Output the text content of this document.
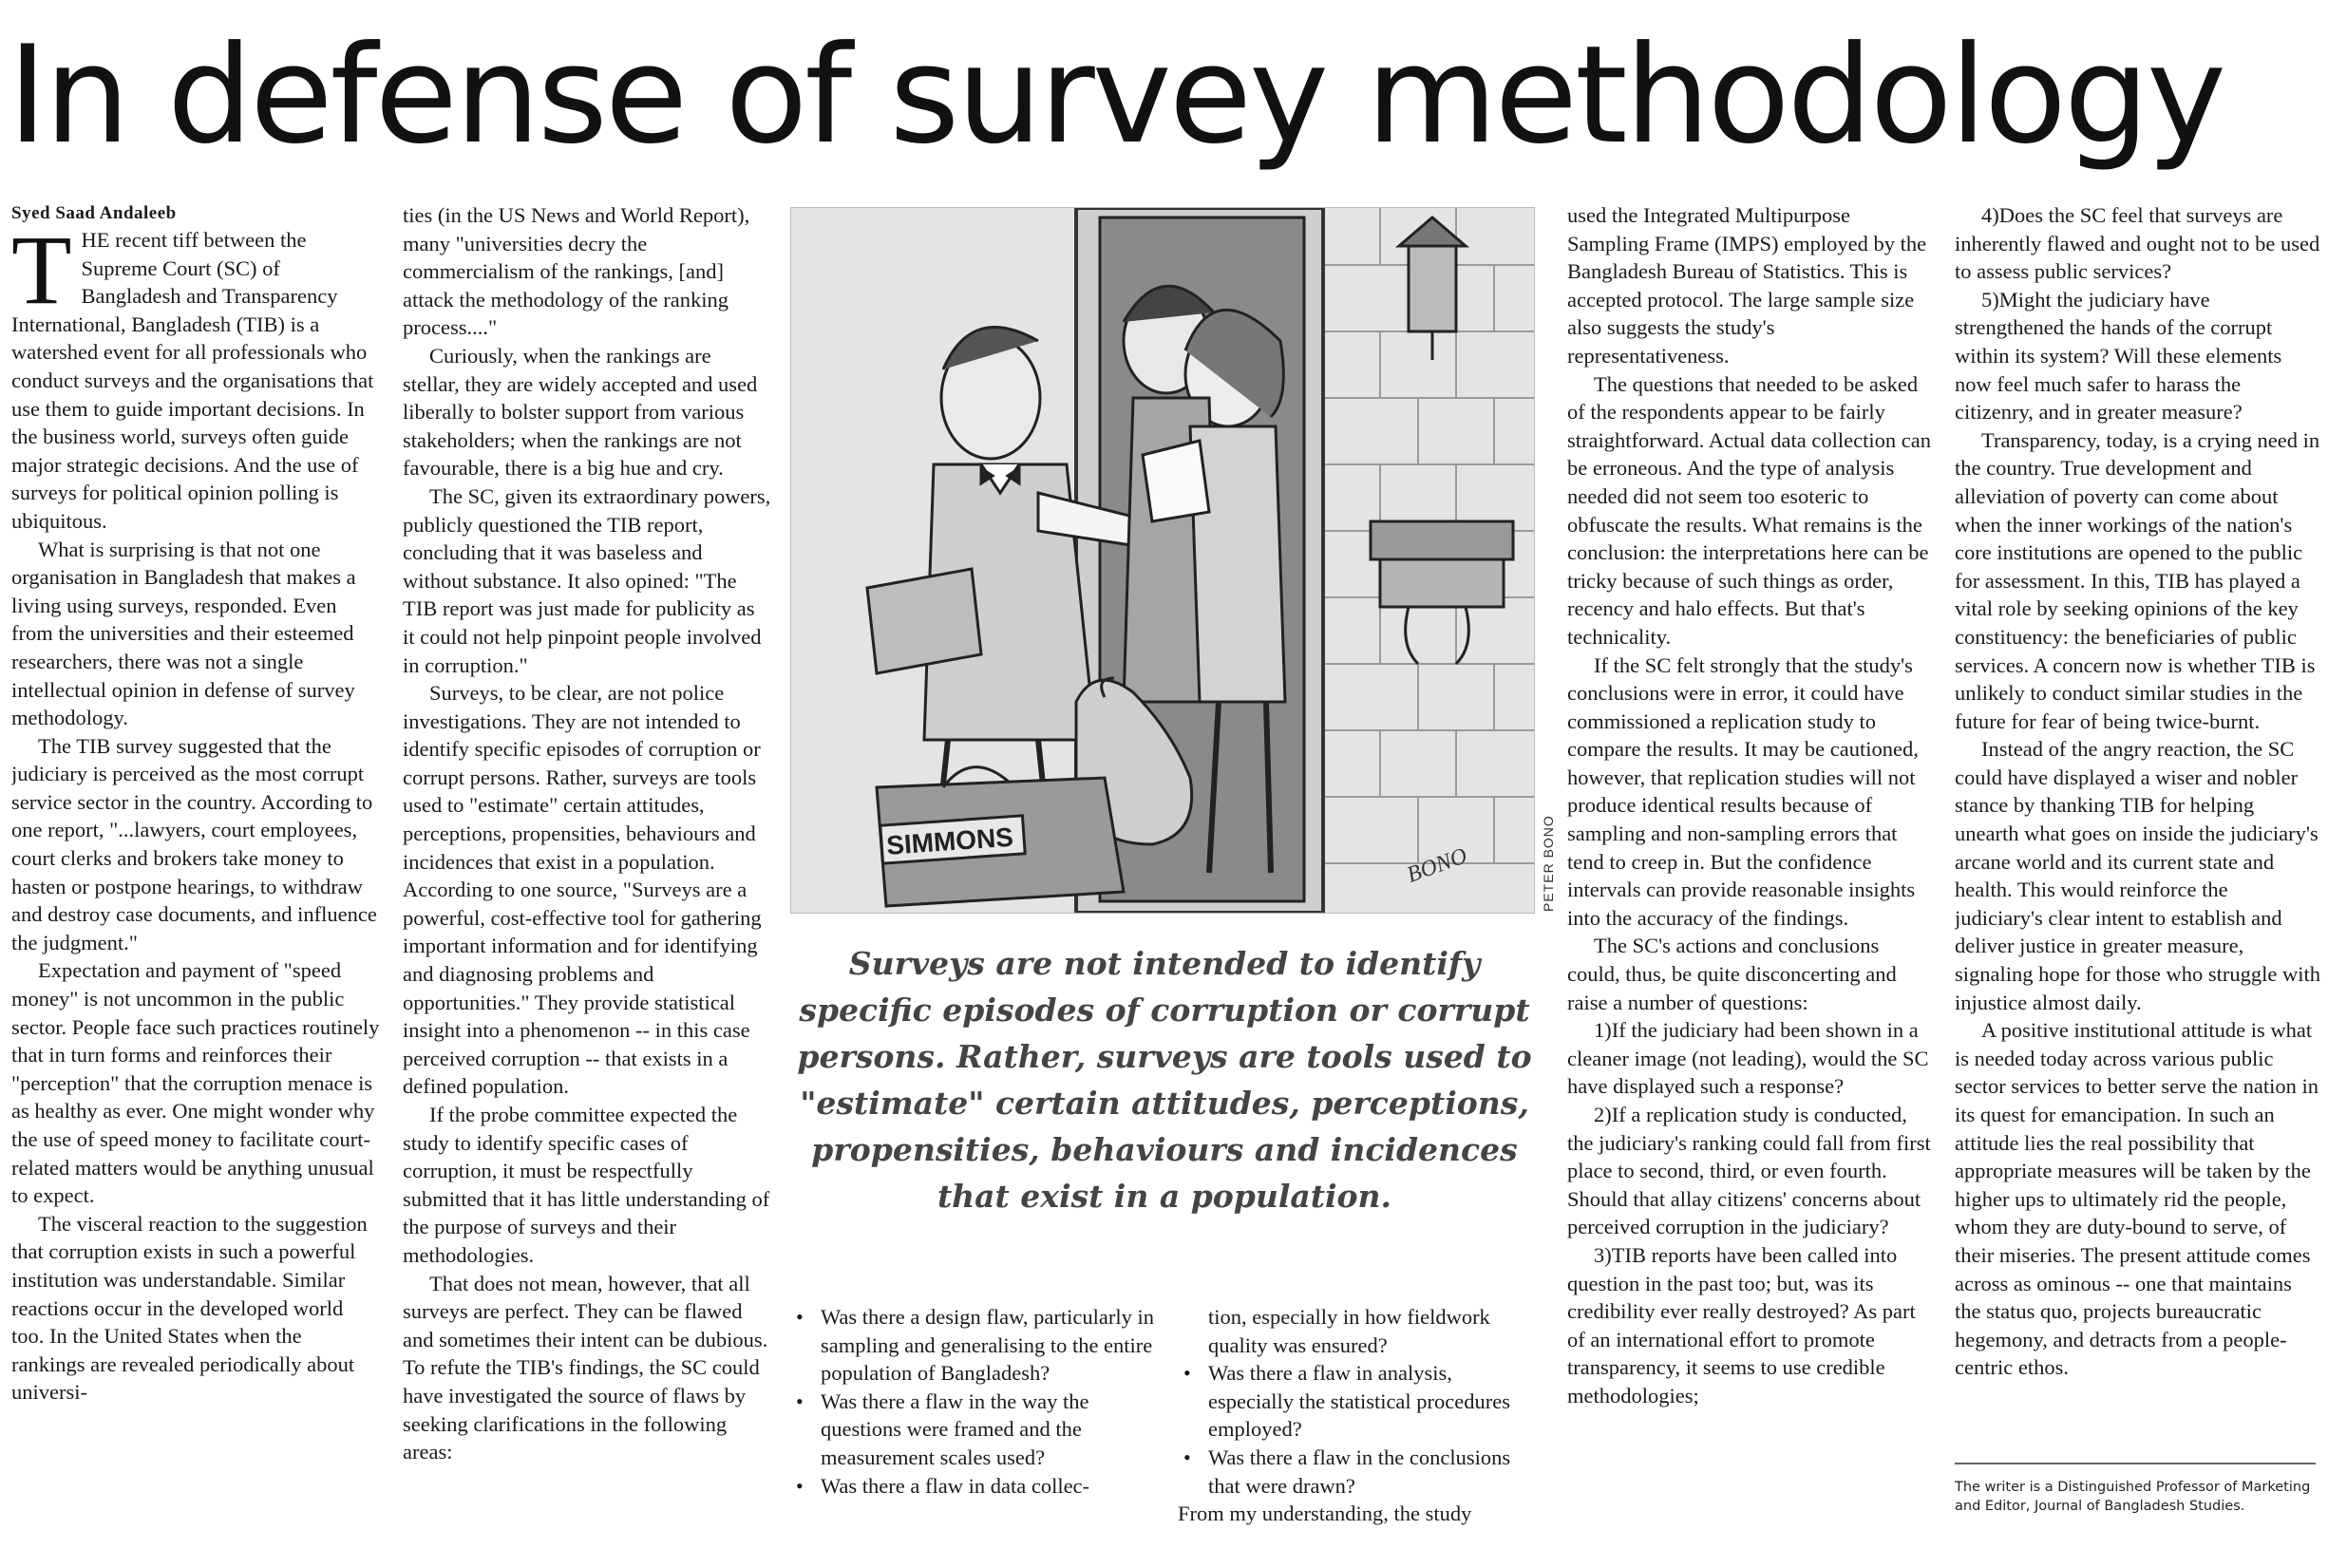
In defense of survey methodology

Syed Saad Andaleeb

THE recent tiff between the Supreme Court (SC) of Bangladesh and Transparency International, Bangladesh (TIB) is a watershed event for all professionals who conduct surveys and the organisations that use them to guide important decisions. In the business world, surveys often guide major strategic decisions. And the use of surveys for political opinion polling is ubiquitous.

What is surprising is that not one organisation in Bangladesh that makes a living using surveys, responded. Even from the universities and their esteemed researchers, there was not a single intellectual opinion in defense of survey methodology.

The TIB survey suggested that the judiciary is perceived as the most corrupt service sector in the country. According to one report, "...lawyers, court employees, court clerks and brokers take money to hasten or postpone hearings, to withdraw and destroy case documents, and influence the judgment."

Expectation and payment of "speed money" is not uncommon in the public sector. People face such practices routinely that in turn forms and reinforces their "perception" that the corruption menace is as healthy as ever. One might wonder why the use of speed money to facilitate court-related matters would be anything unusual to expect.

The visceral reaction to the suggestion that corruption exists in such a powerful institution was understandable. Similar reactions occur in the developed world too. In the United States when the rankings are revealed periodically about universi-

ties (in the US News and World Report), many "universities decry the commercialism of the rankings, [and] attack the methodology of the ranking process...."

Curiously, when the rankings are stellar, they are widely accepted and used liberally to bolster support from various stakeholders; when the rankings are not favourable, there is a big hue and cry.

The SC, given its extraordinary powers, publicly questioned the TIB report, concluding that it was baseless and without substance. It also opined: "The TIB report was just made for publicity as it could not help pinpoint people involved in corruption."

Surveys, to be clear, are not police investigations. They are not intended to identify specific episodes of corruption or corrupt persons. Rather, surveys are tools used to "estimate" certain attitudes, perceptions, propensities, behaviours and incidences that exist in a population. According to one source, "Surveys are a powerful, cost-effective tool for gathering important information and for identifying and diagnosing problems and opportunities." They provide statistical insight into a phenomenon -- in this case perceived corruption -- that exists in a defined population.

If the probe committee expected the study to identify specific cases of corruption, it must be respectfully submitted that it has little understanding of the purpose of surveys and their methodologies.

That does not mean, however, that all surveys are perfect. They can be flawed and sometimes their intent can be dubious. To refute the TIB's findings, the SC could have investigated the source of flaws by seeking clarifications in the following areas:

SIMMONS
BONO	PETER BONO

Surveys are not intended to identify specific episodes of corruption or corrupt persons. Rather, surveys are tools used to "estimate" certain attitudes, perceptions, propensities, behaviours and incidences that exist in a population.

• Was there a design flaw, particularly in sampling and generalising to the entire population of Bangladesh?
• Was there a flaw in the way the questions were framed and the measurement scales used?
• Was there a flaw in data collec-
tion, especially in how fieldwork quality was ensured?
• Was there a flaw in analysis, especially the statistical procedures employed?
• Was there a flaw in the conclusions that were drawn?

From my understanding, the study

used the Integrated Multipurpose Sampling Frame (IMPS) employed by the Bangladesh Bureau of Statistics. This is accepted protocol. The large sample size also suggests the study's representativeness.

The questions that needed to be asked of the respondents appear to be fairly straightforward. Actual data collection can be erroneous. And the type of analysis needed did not seem too esoteric to obfuscate the results. What remains is the conclusion: the interpretations here can be tricky because of such things as order, recency and halo effects. But that's technicality.

If the SC felt strongly that the study's conclusions were in error, it could have commissioned a replication study to compare the results. It may be cautioned, however, that replication studies will not produce identical results because of sampling and non-sampling errors that tend to creep in. But the confidence intervals can provide reasonable insights into the accuracy of the findings.

The SC's actions and conclusions could, thus, be quite disconcerting and raise a number of questions:

1)If the judiciary had been shown in a cleaner image (not leading), would the SC have displayed such a response?

2)If a replication study is conducted, the judiciary's ranking could fall from first place to second, third, or even fourth. Should that allay citizens' concerns about perceived corruption in the judiciary?

3)TIB reports have been called into question in the past too; but, was its credibility ever really destroyed? As part of an international effort to promote transparency, it seems to use credible methodologies;

4)Does the SC feel that surveys are inherently flawed and ought not to be used to assess public services?

5)Might the judiciary have strengthened the hands of the corrupt within its system? Will these elements now feel much safer to harass the citizenry, and in greater measure?

Transparency, today, is a crying need in the country. True development and alleviation of poverty can come about when the inner workings of the nation's core institutions are opened to the public for assessment. In this, TIB has played a vital role by seeking opinions of the key constituency: the beneficiaries of public services. A concern now is whether TIB is unlikely to conduct similar studies in the future for fear of being twice-burnt.

Instead of the angry reaction, the SC could have displayed a wiser and nobler stance by thanking TIB for helping unearth what goes on inside the judiciary's arcane world and its current state and health. This would reinforce the judiciary's clear intent to establish and deliver justice in greater measure, signaling hope for those who struggle with injustice almost daily.

A positive institutional attitude is what is needed today across various public sector services to better serve the nation in its quest for emancipation. In such an attitude lies the real possibility that appropriate measures will be taken by the higher ups to ultimately rid the people, whom they are duty-bound to serve, of their miseries. The present attitude comes across as ominous -- one that maintains the status quo, projects bureaucratic hegemony, and detracts from a people-centric ethos.

The writer is a Distinguished Professor of Marketing and Editor, Journal of Bangladesh Studies.
